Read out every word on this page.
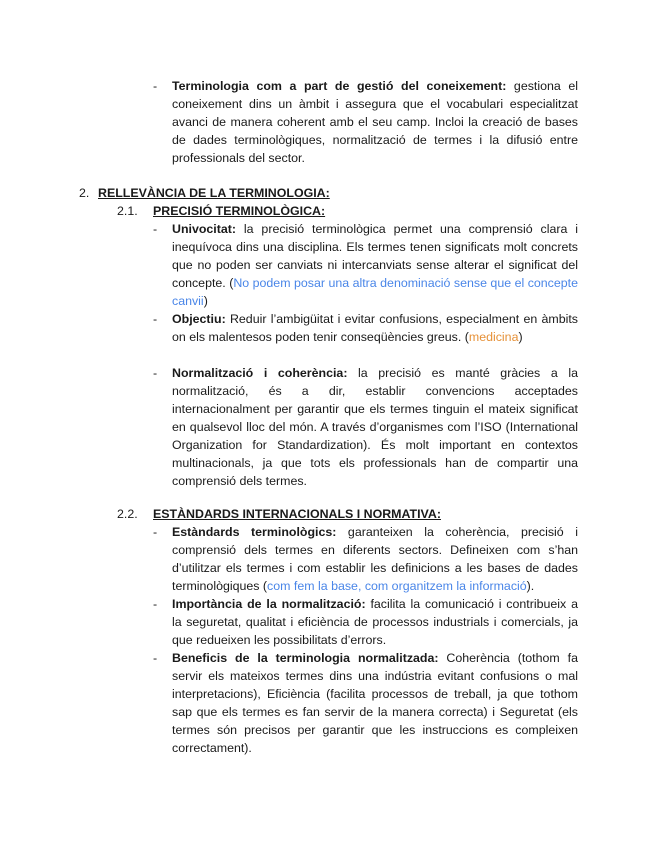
- Terminologia com a part de gestió del coneixement: gestiona el coneixement dins un àmbit i assegura que el vocabulari especialitzat avanci de manera coherent amb el seu camp. Incloi la creació de bases de dades terminològiques, normalització de termes i la difusió entre professionals del sector.
2. RELLEVÀNCIA DE LA TERMINOLOGIA:
2.1. PRECISIÓ TERMINOLÒGICA:
- Univocitat: la precisió terminològica permet una comprensió clara i inequívoca dins una disciplina. Els termes tenen significats molt concrets que no poden ser canviats ni intercanviats sense alterar el significat del concepte. (No podem posar una altra denominació sense que el concepte canvii)
- Objectiu: Reduir l’ambigüitat i evitar confusions, especialment en àmbits on els malentesos poden tenir conseqüències greus. (medicina)
- Normalització i coherència: la precisió es manté gràcies a la normalització, és a dir, establir convencions acceptades internacionalment per garantir que els termes tinguin el mateix significat en qualsevol lloc del món. A través d’organismes com l’ISO (International Organization for Standardization). És molt important en contextos multinacionals, ja que tots els professionals han de compartir una comprensió dels termes.
2.2. ESTÀNDARDS INTERNACIONALS I NORMATIVA:
- Estàndards terminològics: garanteixen la coherència, precisió i comprensió dels termes en diferents sectors. Defineixen com s’han d’utilitzar els termes i com establir les definicions a les bases de dades terminològiques (com fem la base, com organitzem la informació).
- Importància de la normalització: facilita la comunicació i contribueix a la seguretat, qualitat i eficiència de processos industrials i comercials, ja que redueixen les possibilitats d’errors.
- Beneficis de la terminologia normalitzada: Coherència (tothom fa servir els mateixos termes dins una indústria evitant confusions o mal interpretacions), Eficiència (facilita processos de treball, ja que tothom sap que els termes es fan servir de la manera correcta) i Seguretat (els termes són precisos per garantir que les instruccions es compleixen correctament).
